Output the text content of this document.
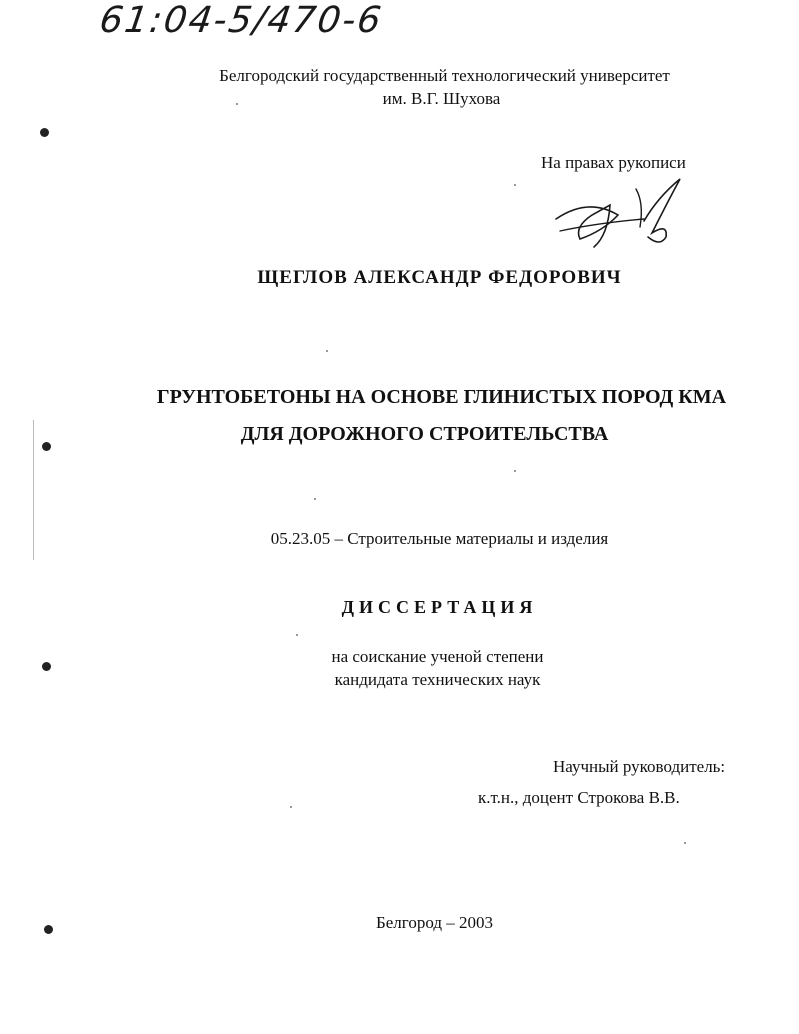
61:04-5/470-6
Белгородский государственный технологический университет
им. В.Г. Шухова
На правах рукописи
ЩЕГЛОВ АЛЕКСАНДР ФЕДОРОВИЧ
ГРУНТОБЕТОНЫ НА ОСНОВЕ ГЛИНИСТЫХ ПОРОД КМА
ДЛЯ ДОРОЖНОГО СТРОИТЕЛЬСТВА
05.23.05 – Строительные материалы и изделия
ДИССЕРТАЦИЯ
на соискание ученой степени
кандидата технических наук
Научный руководитель:
к.т.н., доцент Строкова В.В.
Белгород – 2003
